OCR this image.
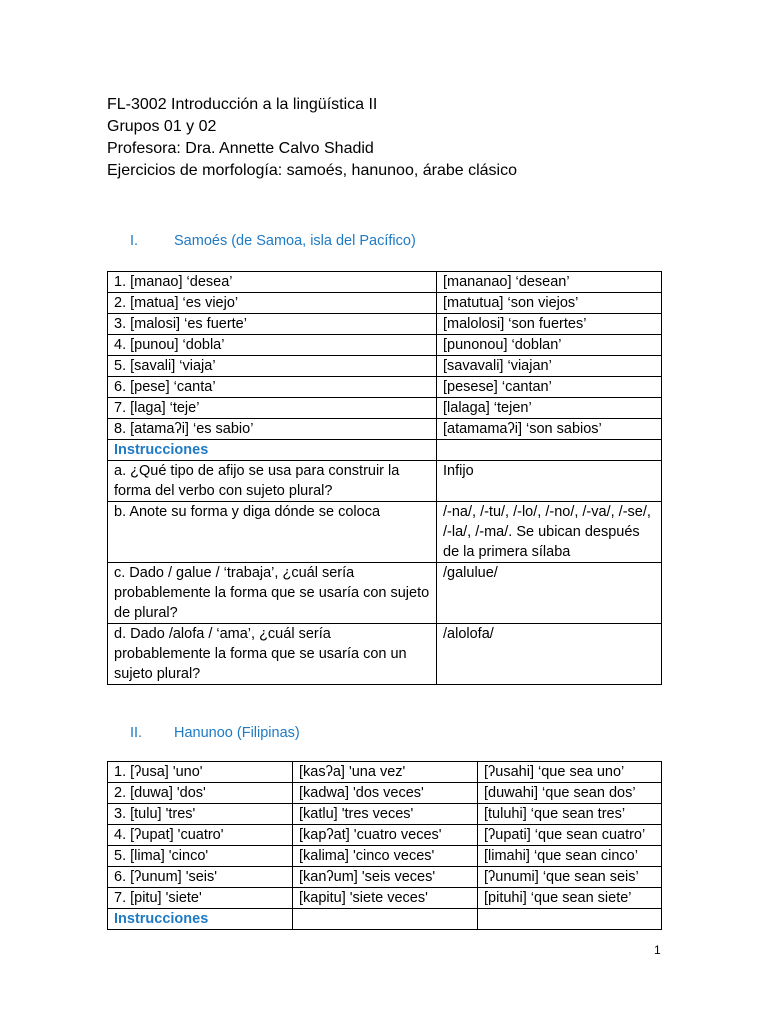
FL-3002 Introducción a la lingüística II
Grupos 01 y 02
Profesora: Dra. Annette Calvo Shadid
Ejercicios de morfología: samoés, hanunoo, árabe clásico
I. Samoés (de Samoa, isla del Pacífico)
1. [manao] ‘desea’	[mananao] ‘desean’
2. [matua] ‘es viejo’	[matutua] ‘son viejos’
3. [malosi] ‘es fuerte’	[malolosi] ‘son fuertes’
4. [punou] ‘dobla’	[punonou] ‘doblan’
5. [savali] ‘viaja’	[savavali] ‘viajan’
6. [pese] ‘canta’	[pesese] ‘cantan’
7. [laga] ‘teje’	[lalaga] ‘tejen’
8. [atamaʔi] ‘es sabio’	[atamamaʔi] ‘son sabios’
Instrucciones	
a. ¿Qué tipo de afijo se usa para construir la forma del verbo con sujeto plural?	Infijo
b. Anote su forma y diga dónde se coloca	/-na/, /-tu/, /-lo/, /-no/, /-va/, /-se/, /-la/, /-ma/. Se ubican después de la primera sílaba
c. Dado / galue / ‘trabaja’, ¿cuál sería probablemente la forma que se usaría con sujeto de plural?	/galulue/
d. Dado /alofa / ‘ama’, ¿cuál sería probablemente la forma que se usaría con un sujeto plural?	/alolofa/
II. Hanunoo (Filipinas)
1. [ʔusa] 'uno'	[kasʔa] 'una vez'	[ʔusahi] ‘que sea uno’
2. [duwa] 'dos'	[kadwa] 'dos veces'	[duwahi] ‘que sean dos’
3. [tulu] 'tres'	[katlu] 'tres veces'	[tuluhi] ‘que sean tres’
4. [ʔupat] 'cuatro'	[kapʔat] 'cuatro veces'	[ʔupati] ‘que sean cuatro’
5. [lima] 'cinco'	[kalima] 'cinco veces'	[limahi] ‘que sean cinco’
6. [ʔunum] 'seis'	[kanʔum] 'seis veces'	[ʔunumi] ‘que sean seis’
7. [pitu] 'siete'	[kapitu] 'siete veces'	[pituhi] ‘que sean siete’
Instrucciones		
1
